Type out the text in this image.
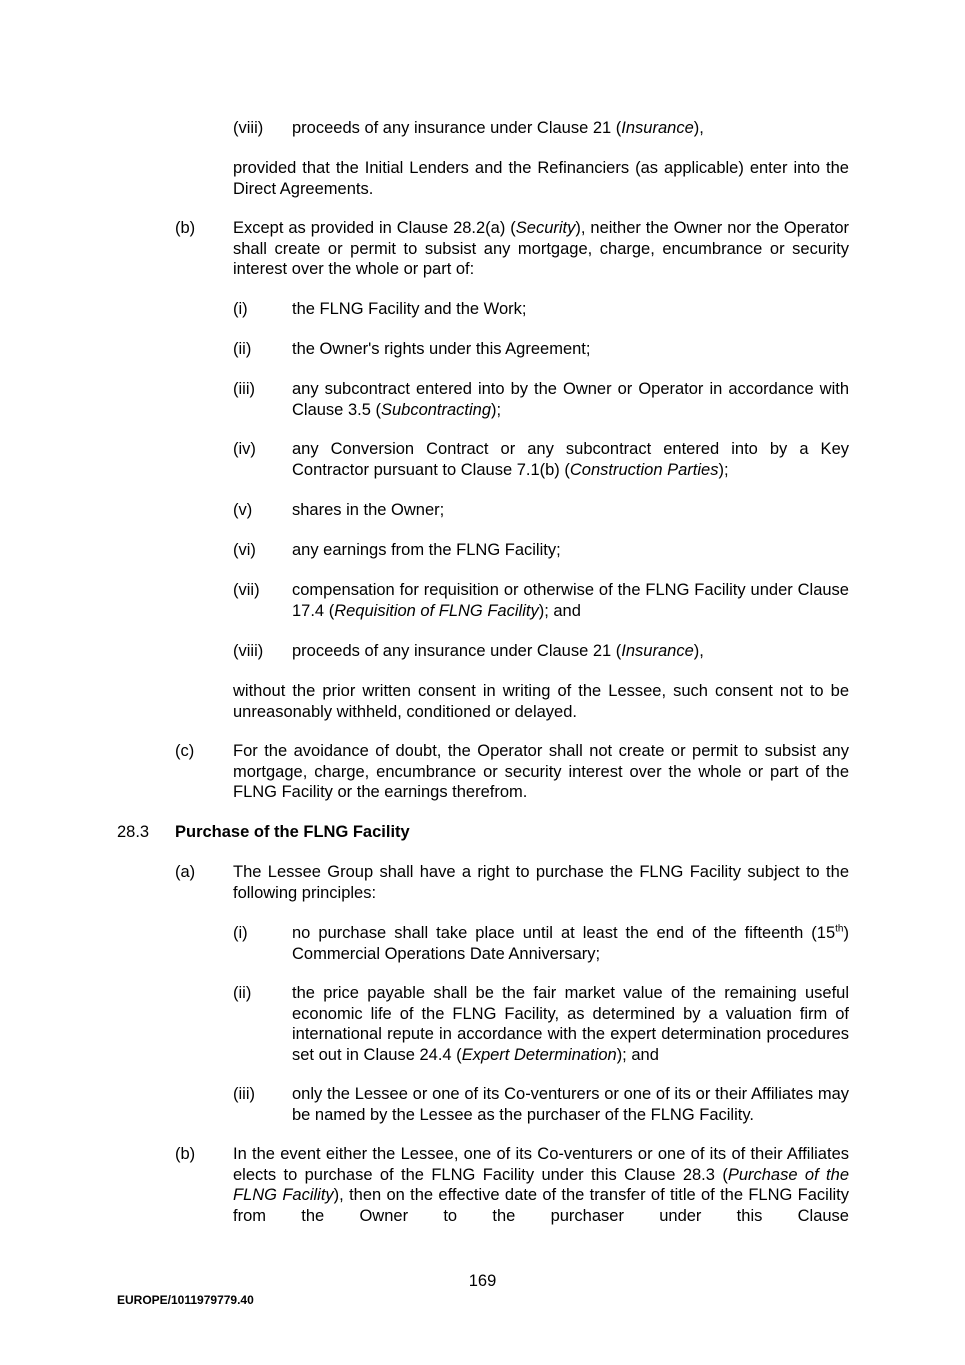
(viii) proceeds of any insurance under Clause 21 (Insurance),
provided that the Initial Lenders and the Refinanciers (as applicable) enter into the Direct Agreements.
(b) Except as provided in Clause 28.2(a) (Security), neither the Owner nor the Operator shall create or permit to subsist any mortgage, charge, encumbrance or security interest over the whole or part of:
(i)	the FLNG Facility and the Work;
(ii) the Owner's rights under this Agreement;
(iii) any subcontract entered into by the Owner or Operator in accordance with Clause 3.5 (Subcontracting);
(iv) any Conversion Contract or any subcontract entered into by a Key Contractor pursuant to Clause 7.1(b) (Construction Parties);
(v) shares in the Owner;
(vi) any earnings from the FLNG Facility;
(vii) compensation for requisition or otherwise of the FLNG Facility under Clause 17.4 (Requisition of FLNG Facility); and
(viii) proceeds of any insurance under Clause 21 (Insurance),
without the prior written consent in writing of the Lessee, such consent not to be unreasonably withheld, conditioned or delayed.
(c) For the avoidance of doubt, the Operator shall not create or permit to subsist any mortgage, charge, encumbrance or security interest over the whole or part of the FLNG Facility or the earnings therefrom.
28.3 Purchase of the FLNG Facility
(a) The Lessee Group shall have a right to purchase the FLNG Facility subject to the following principles:
(i)	no purchase shall take place until at least the end of the fifteenth (15th) Commercial Operations Date Anniversary;
(ii) the price payable shall be the fair market value of the remaining useful economic life of the FLNG Facility, as determined by a valuation firm of international repute in accordance with the expert determination procedures set out in Clause 24.4 (Expert Determination); and
(iii) only the Lessee or one of its Co-venturers or one of its or their Affiliates may be named by the Lessee as the purchaser of the FLNG Facility.
(b) In the event either the Lessee, one of its Co-venturers or one of its of their Affiliates elects to purchase of the FLNG Facility under this Clause 28.3 (Purchase of the FLNG Facility), then on the effective date of the transfer of title of the FLNG Facility from the Owner to the purchaser under this Clause
169
EUROPE/1011979779.40
